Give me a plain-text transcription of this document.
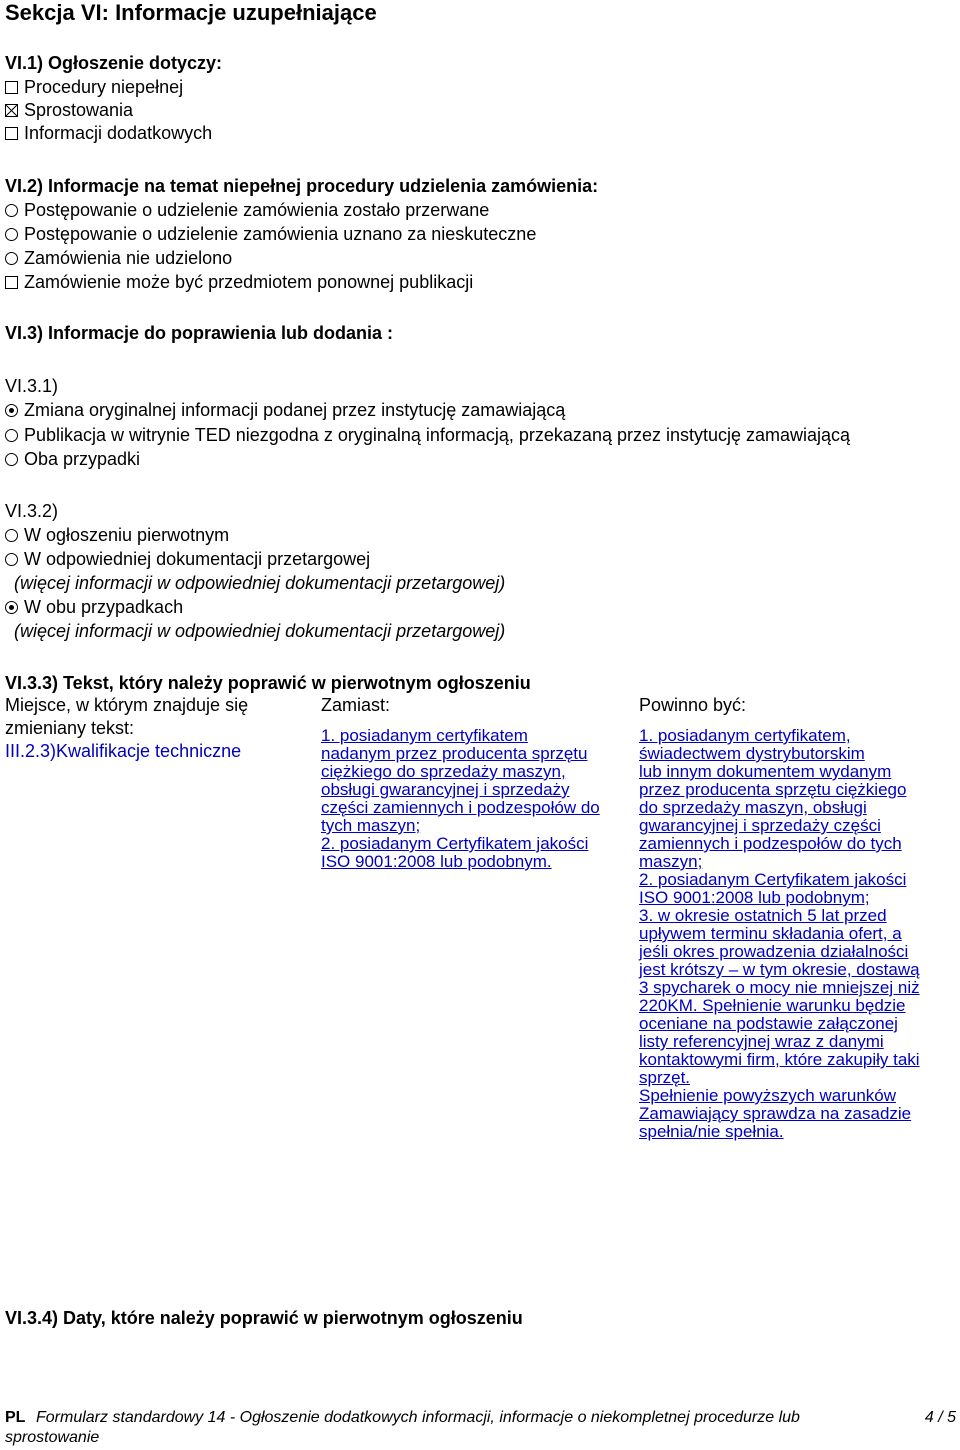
Sekcja VI: Informacje uzupełniające
VI.1) Ogłoszenie dotyczy:
Procedury niepełnej
Sprostowania
Informacji dodatkowych
VI.2) Informacje na temat niepełnej procedury udzielenia zamówienia:
Postępowanie o udzielenie zamówienia zostało przerwane
Postępowanie o udzielenie zamówienia uznano za nieskuteczne
Zamówienia nie udzielono
Zamówienie może być przedmiotem ponownej publikacji
VI.3) Informacje do poprawienia lub dodania :
VI.3.1)
Zmiana oryginalnej informacji podanej przez instytucję zamawiającą
Publikacja w witrynie TED niezgodna z oryginalną informacją, przekazaną przez instytucję zamawiającą
Oba przypadki
VI.3.2)
W ogłoszeniu pierwotnym
W odpowiedniej dokumentacji przetargowej
(więcej informacji w odpowiedniej dokumentacji przetargowej)
W obu przypadkach
(więcej informacji w odpowiedniej dokumentacji przetargowej)
VI.3.3) Tekst, który należy poprawić w pierwotnym ogłoszeniu
Miejsce, w którym znajduje się
zmieniany tekst:
III.2.3)Kwalifikacje techniczne
Zamiast:
1. posiadanym certyfikatem
nadanym przez producenta sprzętu
ciężkiego do sprzedaży maszyn,
obsługi gwarancyjnej i sprzedaży
części zamiennych i podzespołów do
tych maszyn;
2. posiadanym Certyfikatem jakości
ISO 9001:2008 lub podobnym.
Powinno być:
1. posiadanym certyfikatem,
świadectwem dystrybutorskim
lub innym dokumentem wydanym
przez producenta sprzętu ciężkiego
do sprzedaży maszyn, obsługi
gwarancyjnej i sprzedaży części
zamiennych i podzespołów do tych
maszyn;
2. posiadanym Certyfikatem jakości
ISO 9001:2008 lub podobnym;
3. w okresie ostatnich 5 lat przed
upływem terminu składania ofert, a
jeśli okres prowadzenia działalności
jest krótszy – w tym okresie, dostawą
3 spycharek o mocy nie mniejszej niż
220KM. Spełnienie warunku będzie
oceniane na podstawie załączonej
listy referencyjnej wraz z danymi
kontaktowymi firm, które zakupiły taki
sprzęt.
Spełnienie powyższych warunków
Zamawiający sprawdza na zasadzie
spełnia/nie spełnia.
VI.3.4) Daty, które należy poprawić w pierwotnym ogłoszeniu
PL Formularz standardowy 14 - Ogłoszenie dodatkowych informacji, informacje o niekompletnej procedurze lub
sprostowanie
4 / 5
